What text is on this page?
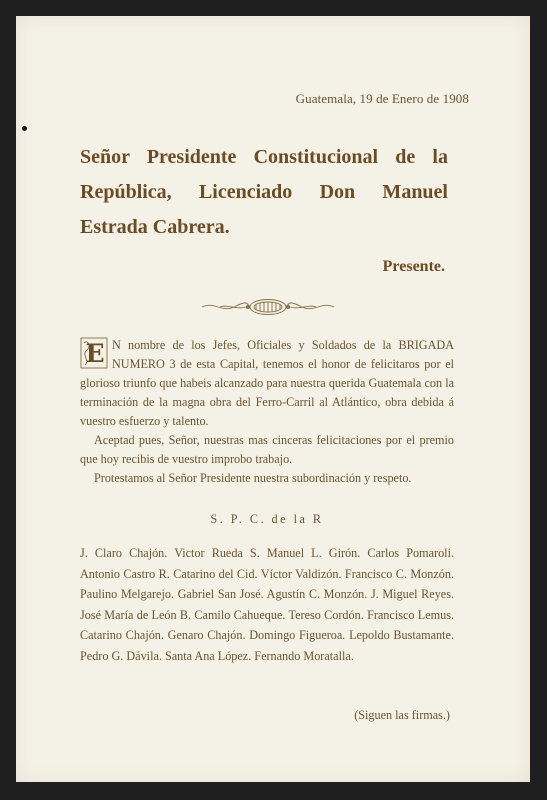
Guatemala, 19 de Enero de 1908
Señor Presidente Constitucional de la República, Licenciado Don Manuel Estrada Cabrera.
Presente.

E N nombre de los Jefes, Oficiales y Soldados de la BRIGADA NUMERO 3 de esta Capital, tenemos el honor de felicitaros por el glorioso triunfo que habeis alcanzado para nuestra querida Guatemala con la terminación de la magna obra del Ferro-Carril al Atlántico, obra debida á vuestro esfuerzo y talento.

Aceptad pues, Señor, nuestras mas cinceras felicitaciones por el premio que hoy recibis de vuestro improbo trabajo.

Protestamos al Señor Presidente nuestra subordinación y respeto.

S. P. C. de la R
J. Claro Chajón. Victor Rueda S. Manuel L. Girón. Carlos Pomaroli. Antonio Castro R. Catarino del Cid. Víctor Valdizón. Francisco C. Monzón. Paulino Melgarejo. Gabriel San José. Agustín C. Monzón. J. Miguel Reyes. José María de León B. Camilo Cahueque. Tereso Cordón. Francisco Lemus. Catarino Chajón. Genaro Chajón. Domingo Figueroa. Lepoldo Bustamante. Pedro G. Dávila. Santa Ana López. Fernando Moratalla.
(Siguen las firmas.)
